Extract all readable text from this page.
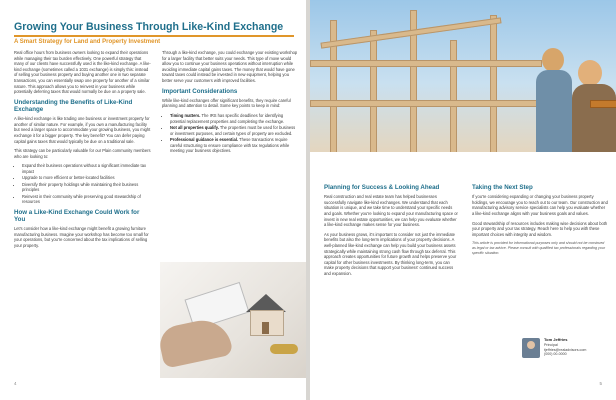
Growing Your Business Through Like-Kind Exchange
A Smart Strategy for Land and Property Investment

Real office hours from business owners looking to expand their operations while managing their tax burden effectively. One powerful strategy that many of our clients have successfully used is the like-kind exchange. A like-kind exchange (sometimes called a 1031 exchange) is simply this: instead of selling your business property and buying another one in two separate transactions, you can essentially swap one property for another of a similar nature. This approach allows you to reinvest in your business while potentially deferring taxes that would normally be due on a property sale.

Understanding the Benefits of Like-Kind Exchange

A like-kind exchange is like trading one business or investment property for another of similar nature. For example, if you own a manufacturing facility but need a larger space to accommodate your growing business, you might exchange it for a bigger property. The key benefit? You can defer paying capital gains taxes that would typically be due on a traditional sale.

This strategy can be particularly valuable for our Plain community members who are looking to:

• Expand their business operations without a significant immediate tax impact
• Upgrade to more efficient or better-located facilities
• Diversify their property holdings while maintaining their business principles
• Reinvest in their community while preserving good stewardship of resources
How a Like-Kind Exchange Could Work for You

Let's consider how a like-kind exchange might benefit a growing furniture manufacturing business. Imagine your workshop has become too small for your operations, but you're concerned about the tax implications of selling your property.

Through a like-kind exchange, you could exchange your existing workshop for a larger facility that better suits your needs. This type of move would allow you to continue your business operations without interruption while avoiding immediate capital gains taxes. The money that would have gone toward taxes could instead be invested in new equipment, helping you better serve your customers with improved facilities.

Important Considerations

While like-kind exchanges offer significant benefits, they require careful planning and attention to detail. Some key points to keep in mind:

• Timing matters. The IRS has specific deadlines for identifying potential replacement properties and completing the exchange.
• Not all properties qualify. The properties must be used for business or investment purposes, and certain types of property are excluded.
• Professional guidance is essential. These transactions require careful structuring to ensure compliance with tax regulations while meeting your business objectives.
4
Planning for Success & Looking Ahead

Real construction and real estate team has helped businesses successfully navigate like-kind exchanges. We understand that each situation is unique, and we take time to understand your specific needs and goals. Whether you're looking to expand your manufacturing space or invest in new real estate opportunities, we can help you evaluate whether a like-kind exchange makes sense for your business.

As your business grows, it's important to consider not just the immediate benefits but also the long-term implications of your property decisions. A well-planned like-kind exchange can help you build your business assets strategically while maintaining strong cash flow through tax deferral. This approach creates opportunities for future growth and helps preserve your capital for other business investments. By thinking long-term, you can make property decisions that support your business' continued success and expansion.

Taking the Next Step

If you're considering expanding or changing your business property holdings, we encourage you to reach out to our team. Our construction and manufacturing advisory service specialists can help you evaluate whether a like-kind exchange aligns with your business goals and values.

Good stewardship of resources includes making wise decisions about both your property and your tax strategy. Reach here to help you with these important choices with integrity and wisdom.

This article is provided for informational purposes only and should not be construed as legal or tax advice. Please consult with qualified tax professionals regarding your specific situation.
Tom Jeffries
Principal
tjeffries@realadvisors.com
(000) 00-0000
5
